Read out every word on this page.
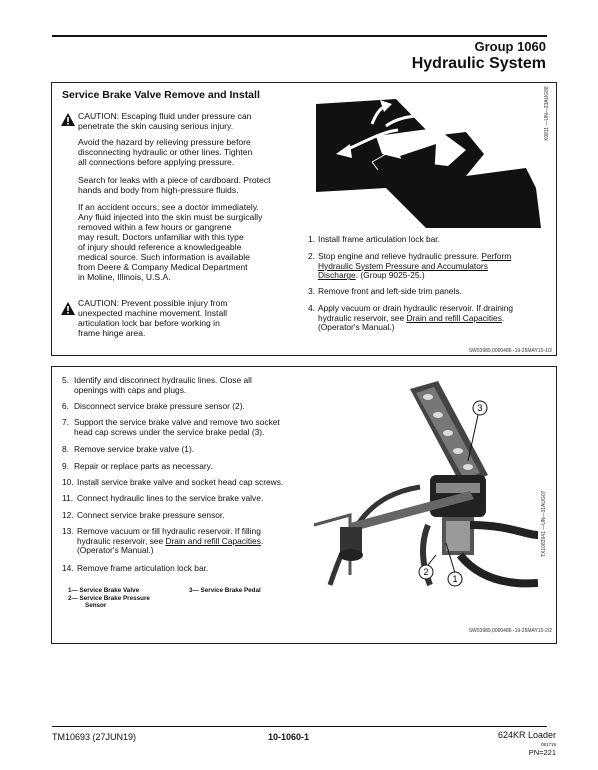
Group 1060
Hydraulic System
Service Brake Valve Remove and Install
CAUTION: Escaping fluid under pressure can
penetrate the skin causing serious injury.
Avoid the hazard by relieving pressure before
disconnecting hydraulic or other lines. Tighten
all connections before applying pressure.
Search for leaks with a piece of cardboard. Protect
hands and body from high-pressure fluids.
If an accident occurs, see a doctor immediately.
Any fluid injected into the skin must be surgically
removed within a few hours or gangrene
may result. Doctors unfamiliar with this type
of injury should reference a knowledgeable
medical source. Such information is available
from Deere & Company Medical Department
in Moline, Illinois, U.S.A.
CAUTION: Prevent possible injury from
unexpected machine movement. Install
articulation lock bar before working in
frame hinge area.
X9811 —UN—23AUG88
1. Install frame articulation lock bar.
2. Stop engine and relieve hydraulic pressure. Perform
Hydraulic System Pressure and Accumulators
Discharge. (Group 9025-25.)
3. Remove front and left-side trim panels.
4. Apply vacuum or drain hydraulic reservoir. If draining
hydraulic reservoir, see Drain and refill Capacities.
(Operator's Manual.)
SW03989,0000486 -19-25MAY10-1/2
5. Identify and disconnect hydraulic lines. Close all
openings with caps and plugs.
6. Disconnect service brake pressure sensor (2).
7. Support the service brake valve and remove two socket
head cap screws under the service brake pedal (3).
8. Remove service brake valve (1).
9. Repair or replace parts as necessary.
10. Install service brake valve and socket head cap screws.
11. Connect hydraulic lines to the service brake valve.
12. Connect service brake pressure sensor.
13. Remove vacuum or fill hydraulic reservoir. If filling
hydraulic reservoir, see Drain and refill Capacities.
(Operator's Manual.)
14. Remove frame articulation lock bar.
1— Service Brake Valve
2— Service Brake Pressure
Sensor
3— Service Brake Pedal
3
1
2
TX1083941 —UN—31AUG07
SW03989,0000486 -19-25MAY10-2/2
TM10693 (27JUN19)	10-1060-1	624KR Loader
081719
PN=221
